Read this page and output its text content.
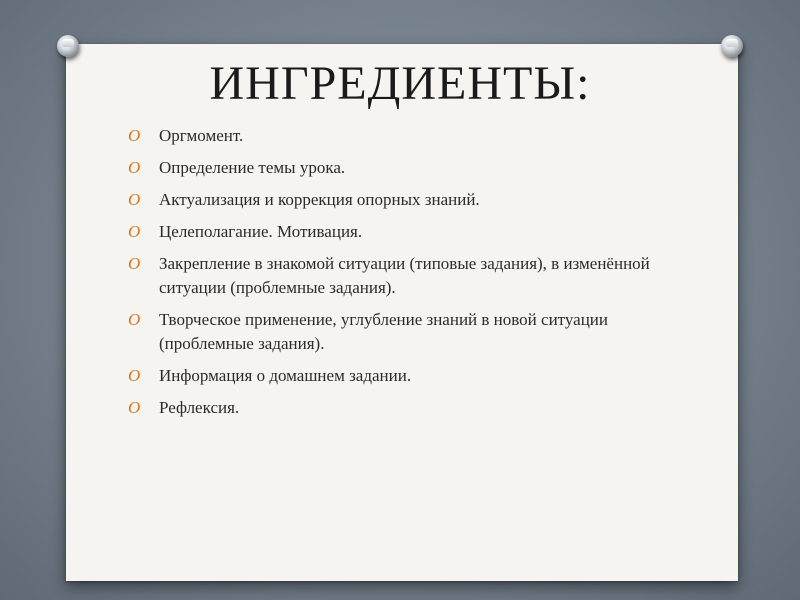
ИНГРЕДИЕНТЫ:
O Оргмомент.
O Определение темы урока.
O Актуализация и коррекция опорных знаний.
O Целеполагание. Мотивация.
O Закрепление в знакомой ситуации (типовые задания), в изменённой ситуации (проблемные задания).
O Творческое применение, углубление знаний в новой ситуации (проблемные задания).
O Информация о домашнем задании.
O Рефлексия.
